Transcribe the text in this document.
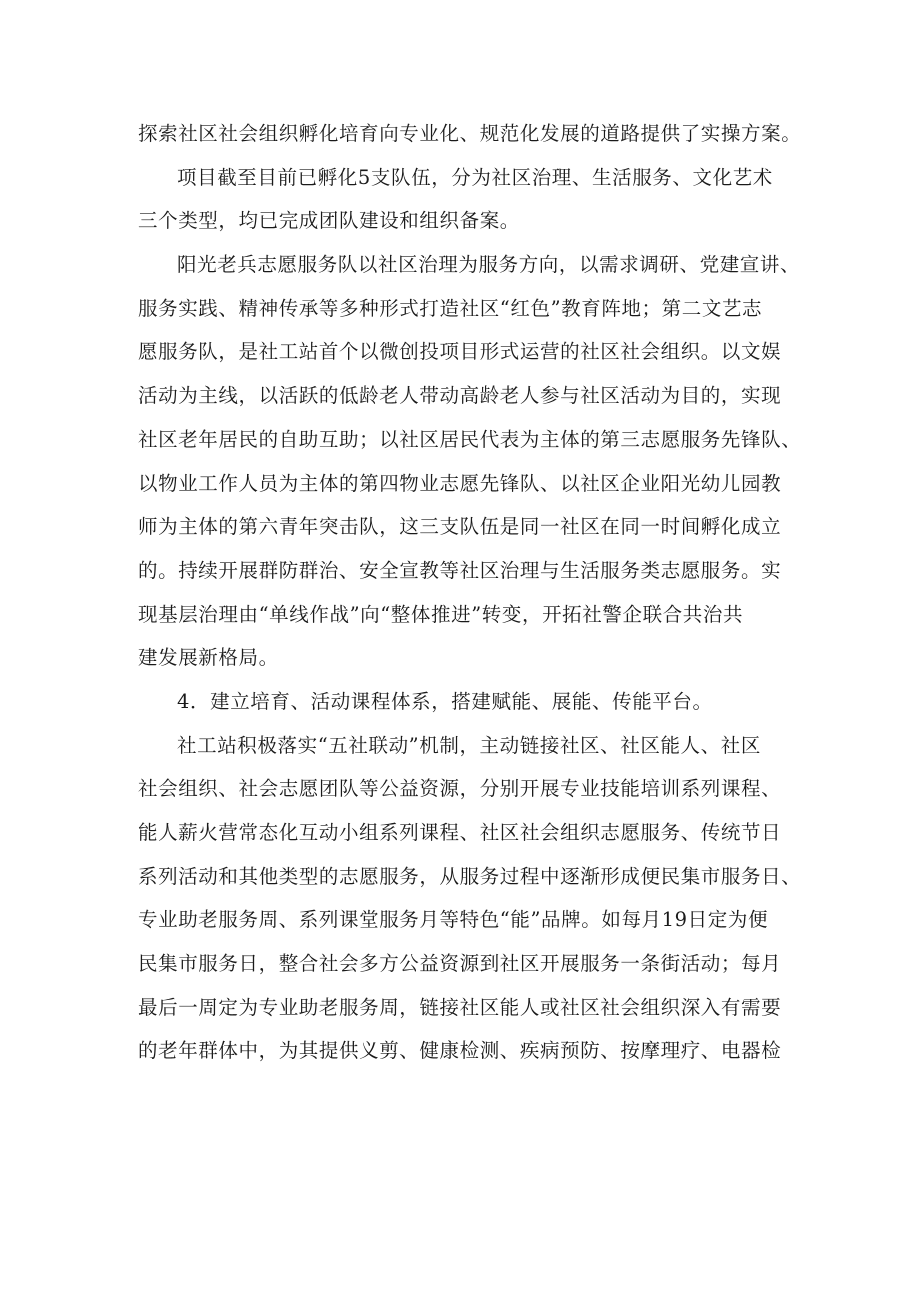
探索社区社会组织孵化培育向专业化、规范化发展的道路提供了实操方案。
项目截至目前已孵化5支队伍，分为社区治理、生活服务、文化艺术
三个类型，均已完成团队建设和组织备案。
阳光老兵志愿服务队以社区治理为服务方向，以需求调研、党建宣讲、
服务实践、精神传承等多种形式打造社区“红色”教育阵地；第二文艺志
愿服务队，是社工站首个以微创投项目形式运营的社区社会组织。以文娱
活动为主线，以活跃的低龄老人带动高龄老人参与社区活动为目的，实现
社区老年居民的自助互助；以社区居民代表为主体的第三志愿服务先锋队、
以物业工作人员为主体的第四物业志愿先锋队、以社区企业阳光幼儿园教
师为主体的第六青年突击队，这三支队伍是同一社区在同一时间孵化成立
的。持续开展群防群治、安全宣教等社区治理与生活服务类志愿服务。实
现基层治理由“单线作战”向“整体推进”转变，开拓社警企联合共治共
建发展新格局。
4．建立培育、活动课程体系，搭建赋能、展能、传能平台。
社工站积极落实“五社联动”机制，主动链接社区、社区能人、社区
社会组织、社会志愿团队等公益资源，分别开展专业技能培训系列课程、
能人薪火营常态化互动小组系列课程、社区社会组织志愿服务、传统节日
系列活动和其他类型的志愿服务，从服务过程中逐渐形成便民集市服务日、
专业助老服务周、系列课堂服务月等特色“能”品牌。如每月19日定为便
民集市服务日，整合社会多方公益资源到社区开展服务一条街活动；每月
最后一周定为专业助老服务周，链接社区能人或社区社会组织深入有需要
的老年群体中，为其提供义剪、健康检测、疾病预防、按摩理疗、电器检
